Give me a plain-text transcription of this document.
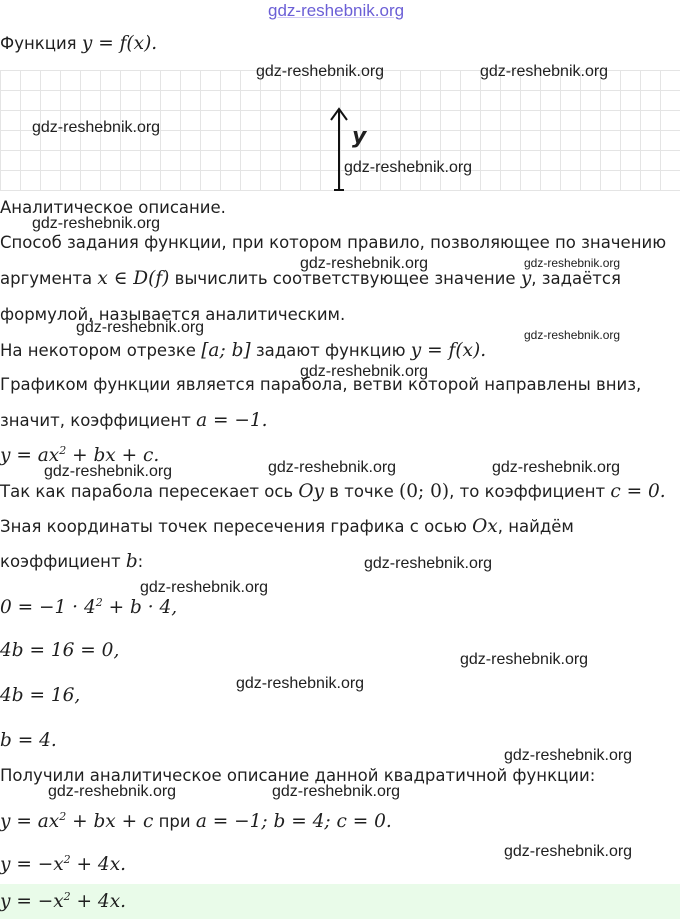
gdz-reshebnik.org
Функция y = f(x).
y
Аналитическое описание.
Способ задания функции, при котором правило, позволяющее по значению
аргумента x ∈ D(f) вычислить соответствующее значение y, задаётся
формулой, называется аналитическим.
На некотором отрезке [a; b] задают функцию y = f(x).
Графиком функции является парабола, ветви которой направлены вниз,
значит, коэффициент a = −1.
$y = ax^2$ + bx + c.
Так как парабола пересекает ось Oy в точке (0; 0), то коэффициент c = 0.
Зная координаты точек пересечения графика с осью Ox, найдём
коэффициент b:
$0 = -1 \cdot 4^2 + b \cdot 4$,
4b = 16 = 0,
4b = 16,
b = 4.
Получили аналитическое описание данной квадратичной функции:
$y = ax^2$ + bx + c при a = −1; b = 4; c = 0.
$y = -x^2 + 4x$.
$y = -x^2 + 4x$.
gdz-reshebnik.org	gdz-reshebnik.org
gdz-reshebnik.org
gdz-reshebnik.org
gdz-reshebnik.org
gdz-reshebnik.org	gdz-reshebnik.org
gdz-reshebnik.org	gdz-reshebnik.org
gdz-reshebnik.org
gdz-reshebnik.org	gdz-reshebnik.org	gdz-reshebnik.org
gdz-reshebnik.org
gdz-reshebnik.org
gdz-reshebnik.org
gdz-reshebnik.org
gdz-reshebnik.org
gdz-reshebnik.org	gdz-reshebnik.org
gdz-reshebnik.org
